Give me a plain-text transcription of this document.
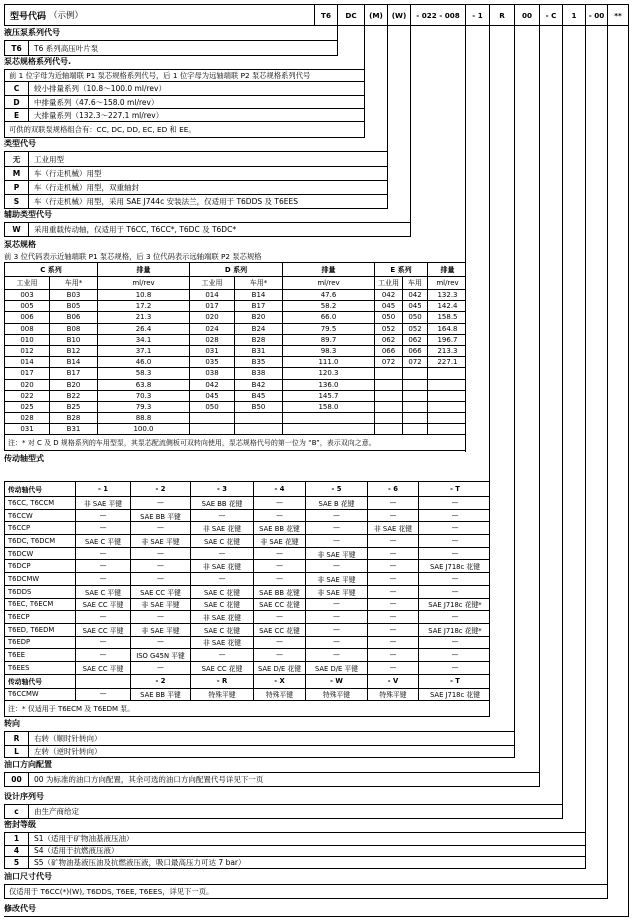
型号代码 （示例）	T6	DC	(M)	(W)	- 022 - 008	- 1	R	00	- C	1	- 00	**
液压泵系列代号
T6	T6 系列高压叶片泵
泵芯规格系列代号.
前 1 位字母为近轴端联 P1 泵芯规格系列代号，后 1 位字母为远轴端联 P2 泵芯规格系列代号
C	较小排量系列（10.8～100.0 ml/rev）
D	中排量系列（47.6～158.0 ml/rev）
E	大排量系列（132.3～227.1 ml/rev）
可供的双联泵规格组合有：CC, DC, DD, EC, ED 和 EE。
类型代号
无	工业用型
M	车（行走机械）用型
P	车（行走机械）用型，双重轴封
S	车（行走机械）用型，采用 SAE J744c 安装法兰，仅适用于 T6DDS 及 T6EES
辅助类型代号
W	采用重载传动轴，仅适用于 T6CC, T6CC*, T6DC 及 T6DC*
泵芯规格
前 3 位代码表示近轴端联 P1 泵芯规格，后 3 位代码表示远轴端联 P2 泵芯规格
C 系列	排量	D 系列	排量	E 系列	排量
工业用	车用*	ml/rev	工业用	车用*	ml/rev	工业用	车用	ml/rev
003	B03	10.8	014	B14	47.6	042	042	132.3
005	B05	17.2	017	B17	58.2	045	045	142.4
006	B06	21.3	020	B20	66.0	050	050	158.5
008	B08	26.4	024	B24	79.5	052	052	164.8
010	B10	34.1	028	B28	89.7	062	062	196.7
012	B12	37.1	031	B31	98.3	066	066	213.3
014	B14	46.0	035	B35	111.0	072	072	227.1
017	B17	58.3	038	B38	120.3
020	B20	63.8	042	B42	136.0
022	B22	70.3	045	B45	145.7
025	B25	79.3	050	B50	158.0
028	B28	88.8
031	B31	100.0
注：* 对 C 及 D 规格系列的车用型泵，其泵芯配流侧板可双转向使用，泵芯规格代号的第一位为 “B”，表示双向之意。
传动轴型式
传动轴代号	- 1	- 2	- 3	- 4	- 5	- 6	- T
T6CC, T6CCM	非 SAE 平键	—	SAE BB 花键	—	SAE B 花键	—	—
T6CCW	—	SAE BB 平键	—	—	—	—	—
T6CCP	—	—	非 SAE 花键	SAE BB 花键	—	非 SAE 花键	—
T6DC, T6DCM	SAE C 平键	非 SAE 平键	SAE C 花键	非 SAE 花键	—	—	—
T6DCW	—	—	—	—	非 SAE 平键	—	—
T6DCP	—	—	非 SAE 花键	—	—	—	SAE J718c 花键
T6DCMW	—	—	—	—	非 SAE 平键	—	—
T6DDS	SAE C 平键	SAE CC 平键	SAE C 花键	SAE BB 花键	非 SAE 平键	—	—
T6EC, T6ECM	SAE CC 平键	非 SAE 平键	SAE C 花键	SAE CC 花键	—	—	SAE J718c 花键*
T6ECP	—	—	非 SAE 花键	—	—	—	—
T6ED, T6EDM	SAE CC 平键	非 SAE 平键	SAE C 花键	SAE CC 花键	—	—	SAE J718c 花键*
T6EDP	—	—	非 SAE 花键	—	—	—	—
T6EE	—	ISO G45N 平键	—	—	—	—	—
T6EES	SAE CC 平键	—	SAE CC 花键	SAE D/E 花键	SAE D/E 平键	—	—
传动轴代号	- 2	- R	- X	- W	- V	- T
T6CCMW	—	SAE BB 平键	特殊平键	特殊平键	特殊平键	特殊平键	SAE J718c 花键
注：* 仅适用于 T6ECM 及 T6EDM 泵。
转向
R	右转（顺时针转向）
L	左转（逆时针转向）
油口方向配置
00	00 为标准的油口方向配置，其余可选的油口方向配置代号详见下一页
设计序列号
c	由生产商给定
密封等级
1	S1（适用于矿物油基液压油）
4	S4（适用于抗燃液压液）
5	S5（矿物油基液压油及抗燃液压液，吸口最高压力可达 7 bar）
油口尺寸代号
仅适用于 T6CC(*)(W), T6DDS, T6EE, T6EES，详见下一页。
修改代号
